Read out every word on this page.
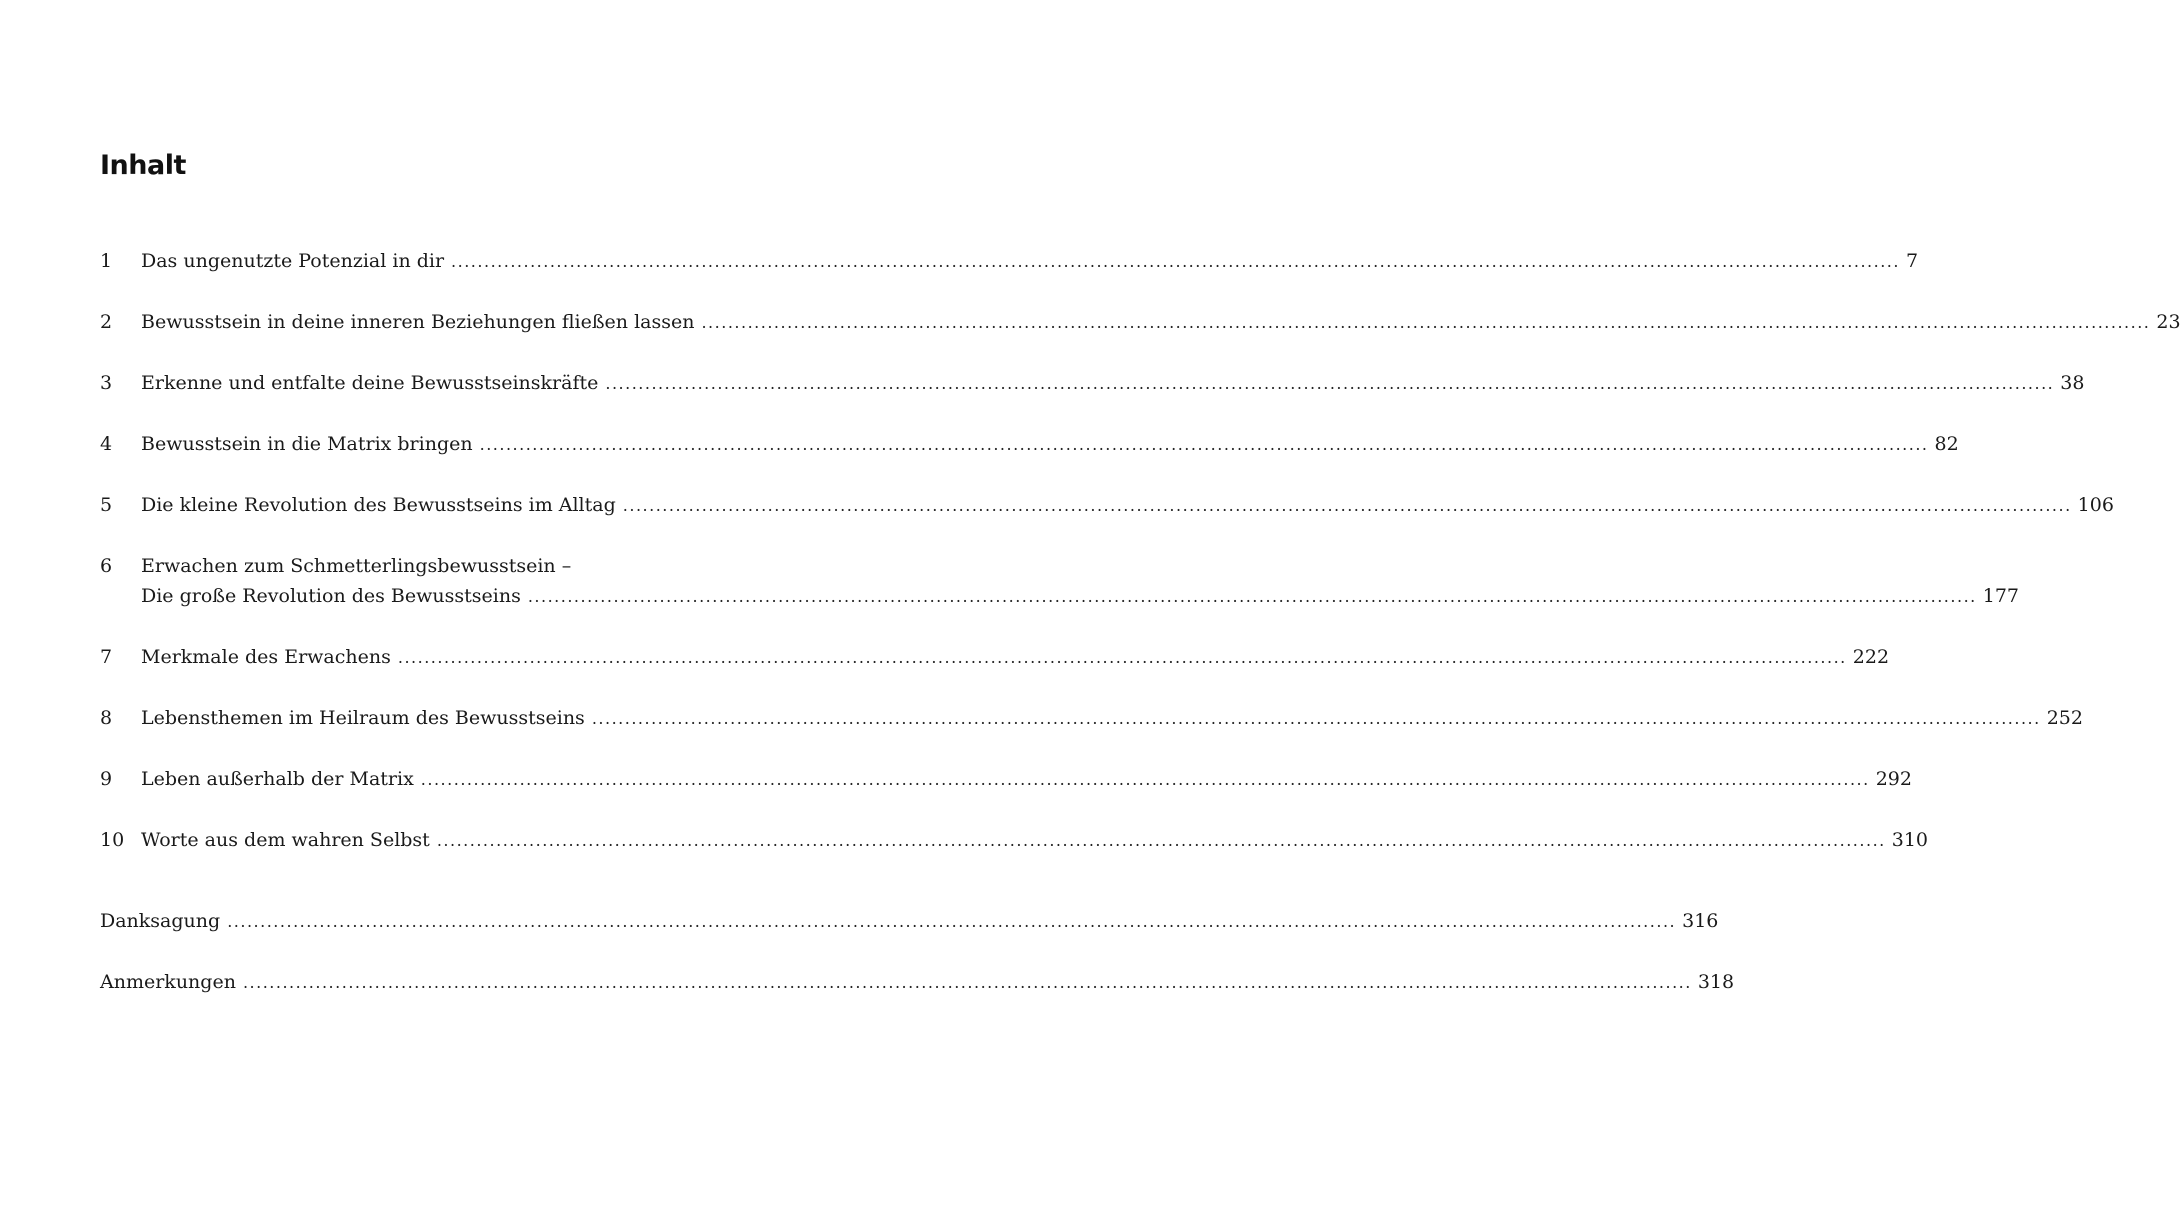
Inhalt
1	Das ungenutzte Potenzial in dir ............................................................................................................................................................................................................................ 7
2	Bewusstsein in deine inneren Beziehungen fließen lassen ............................................................................................................................................................................................................................ 23
3	Erkenne und entfalte deine Bewusstseinskräfte ............................................................................................................................................................................................................................ 38
4	Bewusstsein in die Matrix bringen ............................................................................................................................................................................................................................ 82
5	Die kleine Revolution des Bewusstseins im Alltag ............................................................................................................................................................................................................................ 106
6	Erwachen zum Schmetterlingsbewusstsein –
Die große Revolution des Bewusstseins ............................................................................................................................................................................................................................ 177
7	Merkmale des Erwachens ............................................................................................................................................................................................................................ 222
8	Lebensthemen im Heilraum des Bewusstseins ............................................................................................................................................................................................................................ 252
9	Leben außerhalb der Matrix ............................................................................................................................................................................................................................ 292
10 Worte aus dem wahren Selbst ............................................................................................................................................................................................................................ 310
Danksagung ............................................................................................................................................................................................................................ 316
Anmerkungen ............................................................................................................................................................................................................................ 318
